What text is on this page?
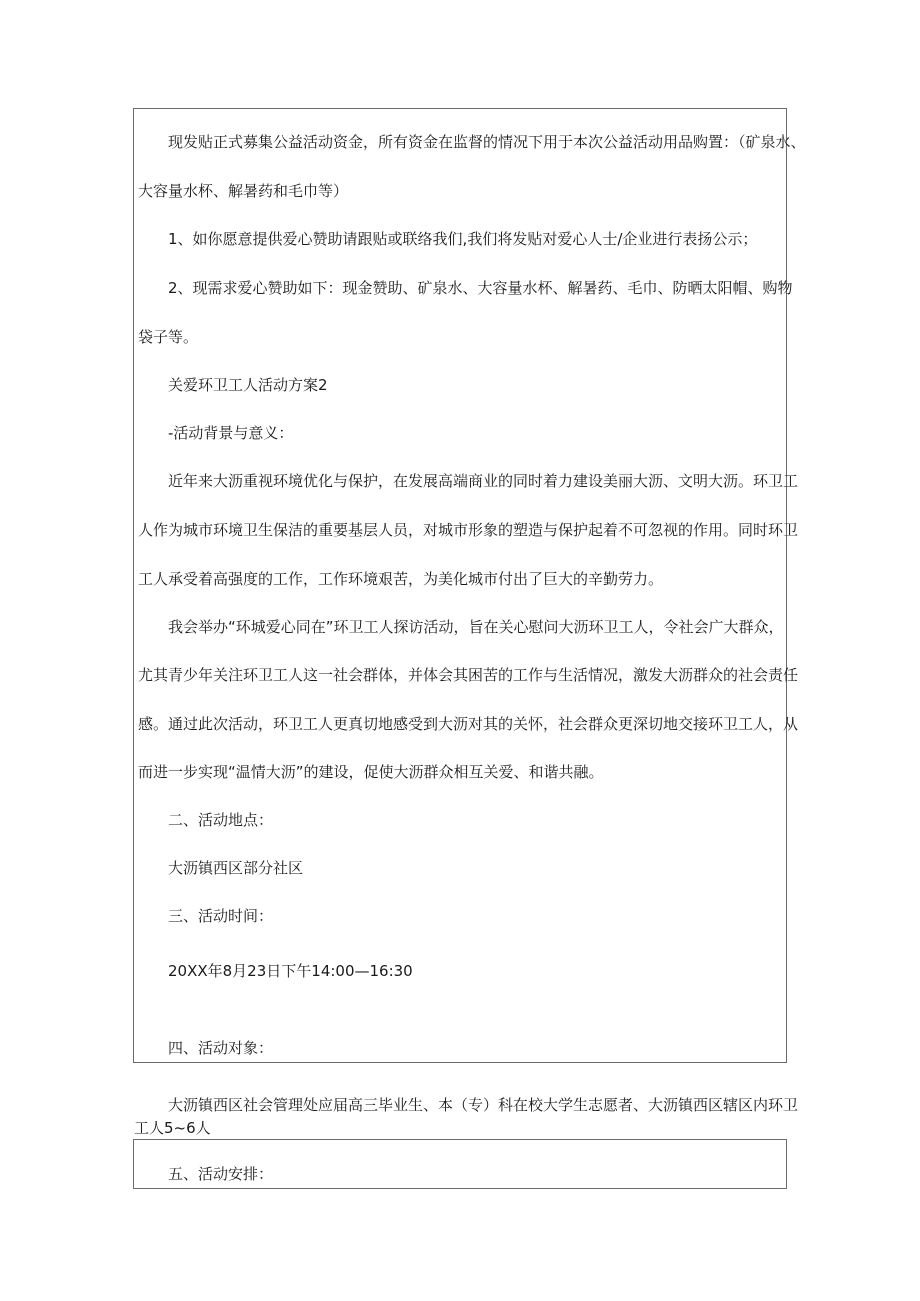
现发贴正式募集公益活动资金，所有资金在监督的情况下用于本次公益活动用品购置：（矿泉水、

大容量水杯、解暑药和毛巾等）

1、如你愿意提供爱心赞助请跟贴或联络我们,我们将发贴对爱心人士/企业进行表扬公示；

2、现需求爱心赞助如下：现金赞助、矿泉水、大容量水杯、解暑药、毛巾、防晒太阳帽、购物

袋子等。

关爱环卫工人活动方案2

-活动背景与意义：

近年来大沥重视环境优化与保护，在发展高端商业的同时着力建设美丽大沥、文明大沥。环卫工

人作为城市环境卫生保洁的重要基层人员，对城市形象的塑造与保护起着不可忽视的作用。同时环卫

工人承受着高强度的工作，工作环境艰苦，为美化城市付出了巨大的辛勤劳力。

我会举办“环城爱心同在”环卫工人探访活动，旨在关心慰问大沥环卫工人，令社会广大群众，

尤其青少年关注环卫工人这一社会群体，并体会其困苦的工作与生活情况，激发大沥群众的社会责任

感。通过此次活动，环卫工人更真切地感受到大沥对其的关怀，社会群众更深切地交接环卫工人，从

而进一步实现“温情大沥”的建设，促使大沥群众相互关爱、和谐共融。

二、活动地点：

大沥镇西区部分社区

三、活动时间：

20XX年8月23日下午14:00—16:30

四、活动对象：

大沥镇西区社会管理处应届高三毕业生、本（专）科在校大学生志愿者、大沥镇西区辖区内环卫

工人5~6人

五、活动安排：
